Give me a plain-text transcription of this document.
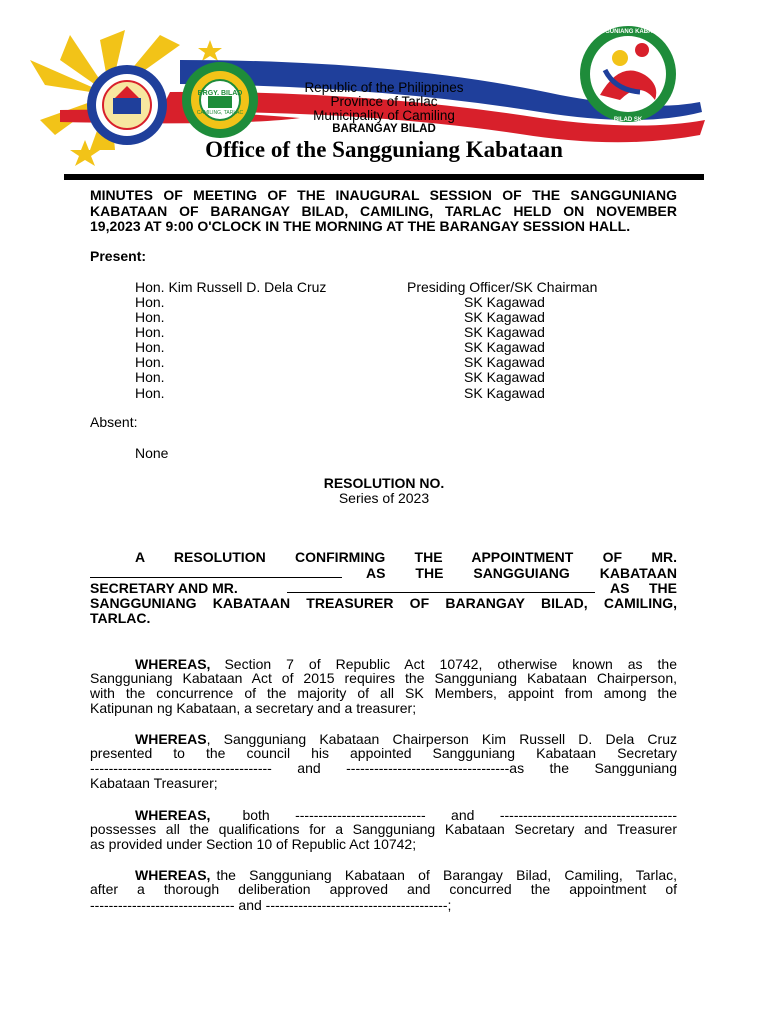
BRGY. BILAD
CAMILING, TARLAC
SANGGUNIANG KABATAAN
BILAD SK
Republic of the Philippines
Province of Tarlac
Municipality of Camiling
BARANGAY BILAD
Office of the Sangguniang Kabataan
MINUTES OF MEETING OF THE INAUGURAL SESSION OF THE SANGGUNIANG
KABATAAN OF BARANGAY BILAD, CAMILING, TARLAC HELD ON NOVEMBER
19,2023 AT 9:00 O'CLOCK IN THE MORNING AT THE BARANGAY SESSION HALL.
Present:
Hon. Kim Russell D. Dela Cruz	Presiding Officer/SK Chairman
Hon.	SK Kagawad
Hon.	SK Kagawad
Hon.	SK Kagawad
Hon.	SK Kagawad
Hon.	SK Kagawad
Hon.	SK Kagawad
Hon.	SK Kagawad
Absent:
None
RESOLUTION NO.
Series of 2023
A RESOLUTION CONFIRMING THE APPOINTMENT OF MR.
AS THE SANGGUIANG KABATAAN
SECRETARY AND MR.	AS THE
SANGGUNIANG KABATAAN TREASURER OF BARANGAY BILAD, CAMILING,
TARLAC.
WHEREAS, Section 7 of Republic Act 10742, otherwise known as the
Sangguniang Kabataan Act of 2015 requires the Sangguniang Kabataan Chairperson,
with the concurrence of the majority of all SK Members, appoint from among the
Katipunan ng Kabataan, a secretary and a treasurer;
WHEREAS , Sangguniang Kabataan Chairperson Kim Russell D. Dela Cruz
presented to the council his appointed Sangguniang Kabataan Secretary
--------------------------------------- and -----------------------------------as the Sangguniang
Kabataan Treasurer;
WHEREAS, both ---------------------------- and --------------------------------------
possesses all the qualifications for a Sangguniang Kabataan Secretary and Treasurer
as provided under Section 10 of Republic Act 10742;
WHEREAS, the Sangguniang Kabataan of Barangay Bilad, Camiling, Tarlac,
after a thorough deliberation approved and concurred the appointment of
------------------------------- and ---------------------------------------;
